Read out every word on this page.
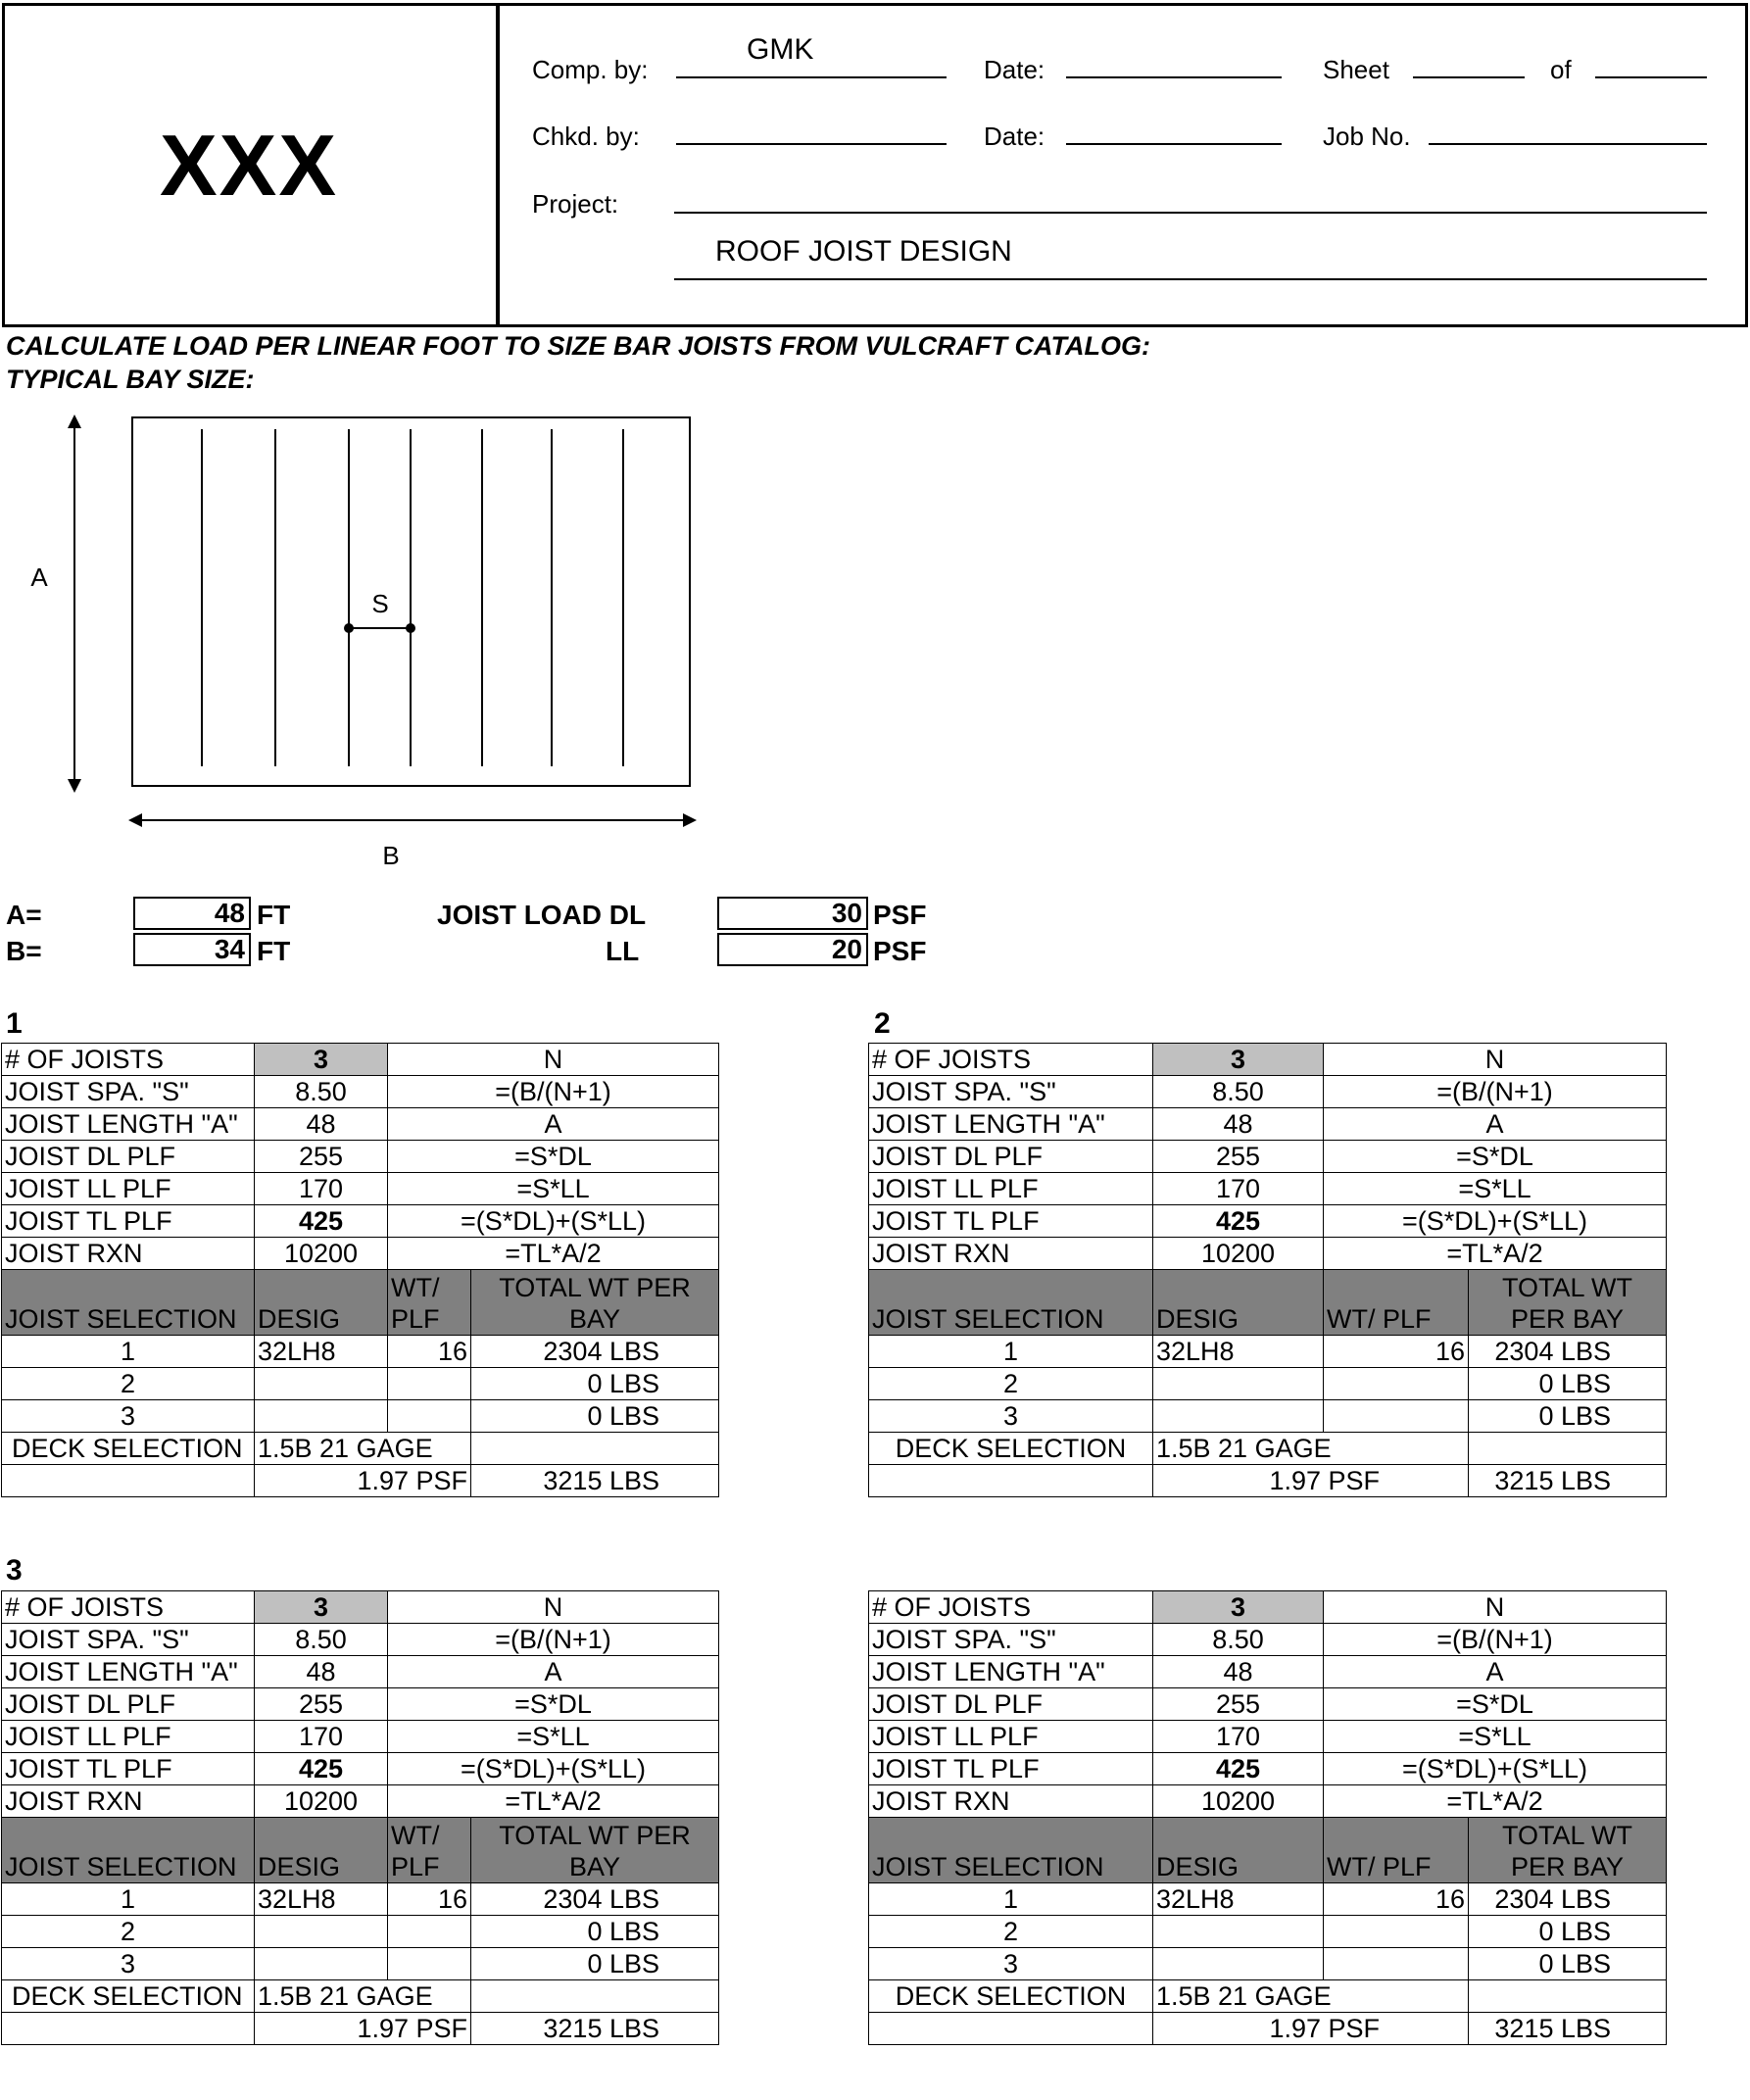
XXX
Comp. by:
GMK
Date:	Sheet	of
Chkd. by:	Date:	Job No.
Project:
ROOF JOIST DESIGN
CALCULATE LOAD PER LINEAR FOOT TO SIZE BAR JOISTS FROM VULCRAFT CATALOG:
TYPICAL BAY SIZE:
A
S
B
A=	48 FT
B=	34 FT
JOIST LOAD DL	30 PSF
LL	20 PSF
1
# OF JOISTS	3	N	
JOIST SPA. "S"	8.50	=(B/(N+1)	
JOIST LENGTH "A"	48	A	
JOIST DL PLF	255	=S*DL	
JOIST LL PLF	170	=S*LL	
JOIST TL PLF	425	=(S*DL)+(S*LL)	
JOIST RXN	10200	=TL*A/2	
JOIST SELECTION	DESIG	WT/ PLF	TOTAL WT PER BAY
1	32LH8	16	2304 LBS
2			0 LBS
3			0 LBS
DECK SELECTION	1.5B 21 GAGE		
	1.97 PSF		3215 LBS
2
# OF JOISTS	3	N	
JOIST SPA. "S"	8.50	=(B/(N+1)	
JOIST LENGTH "A"	48	A	
JOIST DL PLF	255	=S*DL	
JOIST LL PLF	170	=S*LL	
JOIST TL PLF	425	=(S*DL)+(S*LL)	
JOIST RXN	10200	=TL*A/2	
JOIST SELECTION	DESIG	WT/ PLF	TOTAL WT PER BAY
1	32LH8	16	2304 LBS
2			0 LBS
3			0 LBS
DECK SELECTION	1.5B 21 GAGE		
	1.97 PSF		3215 LBS
3
# OF JOISTS	3	N	
JOIST SPA. "S"	8.50	=(B/(N+1)	
JOIST LENGTH "A"	48	A	
JOIST DL PLF	255	=S*DL	
JOIST LL PLF	170	=S*LL	
JOIST TL PLF	425	=(S*DL)+(S*LL)	
JOIST RXN	10200	=TL*A/2	
JOIST SELECTION	DESIG	WT/ PLF	TOTAL WT PER BAY
1	32LH8	16	2304 LBS
2			0 LBS
3			0 LBS
DECK SELECTION	1.5B 21 GAGE		
	1.97 PSF		3215 LBS
# OF JOISTS	3	N	
JOIST SPA. "S"	8.50	=(B/(N+1)	
JOIST LENGTH "A"	48	A	
JOIST DL PLF	255	=S*DL	
JOIST LL PLF	170	=S*LL	
JOIST TL PLF	425	=(S*DL)+(S*LL)	
JOIST RXN	10200	=TL*A/2	
JOIST SELECTION	DESIG	WT/ PLF	TOTAL WT PER BAY
1	32LH8	16	2304 LBS
2			0 LBS
3			0 LBS
DECK SELECTION	1.5B 21 GAGE		
	1.97 PSF		3215 LBS
